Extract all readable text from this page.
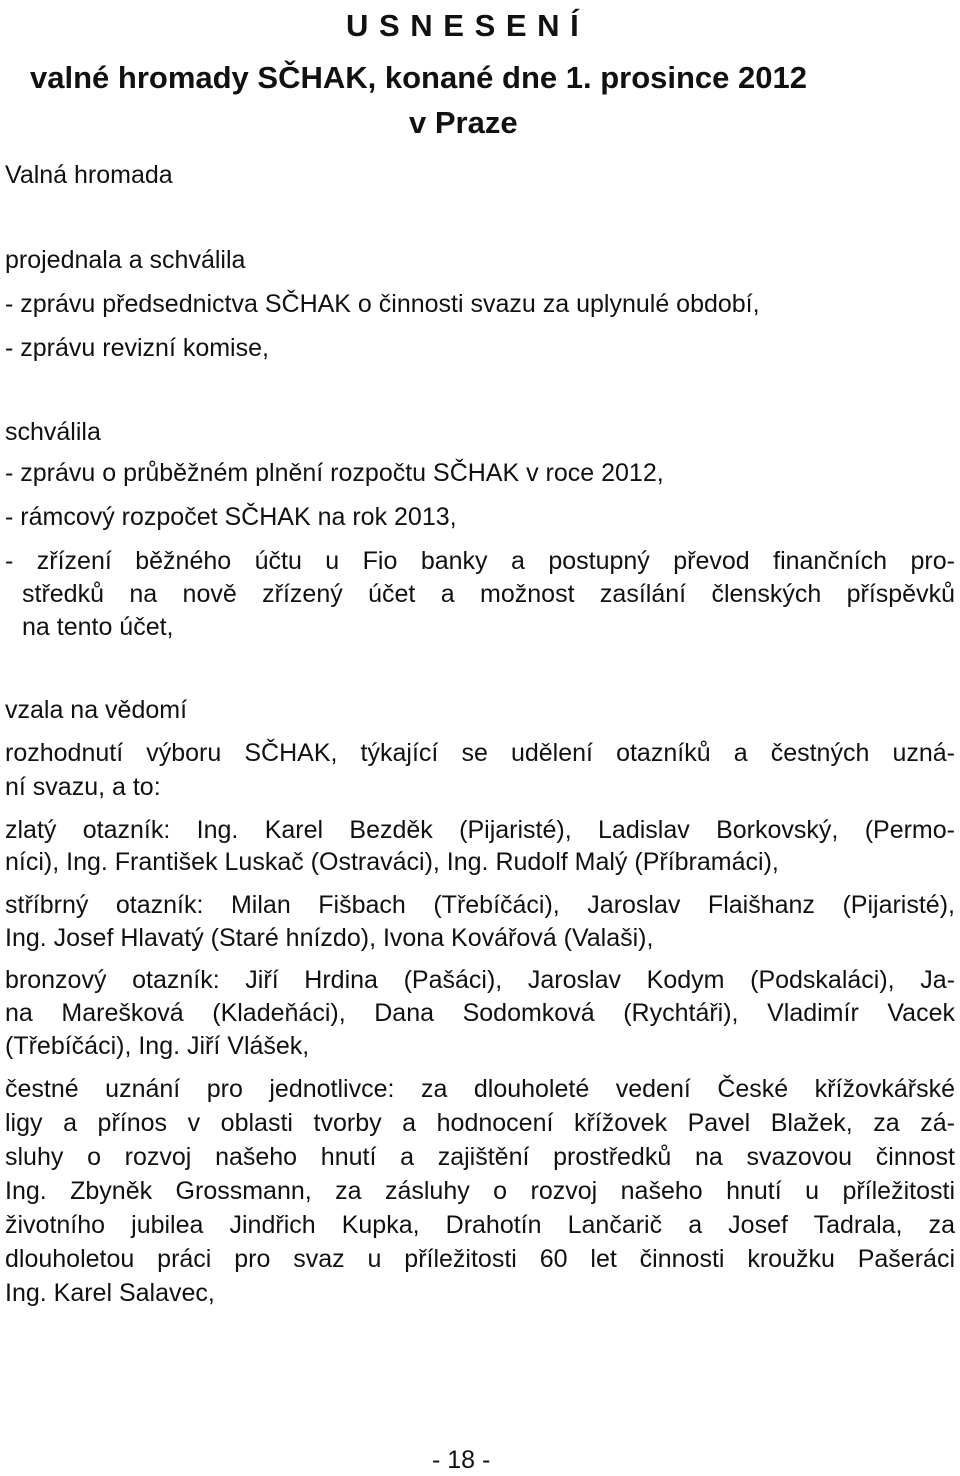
U S N E S E N Í
valné hromady SČHAK, konané dne 1. prosince 2012
v Praze
Valná hromada
projednala a schválila
- zprávu předsednictva SČHAK o činnosti svazu za uplynulé období,
- zprávu revizní komise,
schválila
- zprávu o průběžném plnění rozpočtu SČHAK v roce 2012,
- rámcový rozpočet SČHAK na rok 2013,
- zřízení běžného účtu u Fio banky a postupný převod finančních pro-
středků na nově zřízený účet a možnost zasílání členských příspěvků
na tento účet,
vzala na vědomí
rozhodnutí výboru SČHAK, týkající se udělení otazníků a čestných uzná-
ní svazu, a to:
zlatý otazník: Ing. Karel Bezděk (Pijaristé), Ladislav Borkovský, (Permo-
níci), Ing. František Luskač (Ostraváci), Ing. Rudolf Malý (Příbramáci),
stříbrný otazník: Milan Fišbach (Třebíčáci), Jaroslav Flaišhanz (Pijaristé),
Ing. Josef Hlavatý (Staré hnízdo), Ivona Kovářová (Valaši),
bronzový otazník: Jiří Hrdina (Pašáci), Jaroslav Kodym (Podskaláci), Ja-
na Marešková (Kladeňáci), Dana Sodomková (Rychtáři), Vladimír Vacek
(Třebíčáci), Ing. Jiří Vlášek,
čestné uznání pro jednotlivce: za dlouholeté vedení České křížovkářské
ligy a přínos v oblasti tvorby a hodnocení křížovek Pavel Blažek, za zá-
sluhy o rozvoj našeho hnutí a zajištění prostředků na svazovou činnost
Ing. Zbyněk Grossmann, za zásluhy o rozvoj našeho hnutí u příležitosti
životního jubilea Jindřich Kupka, Drahotín Lančarič a Josef Tadrala, za
dlouholetou práci pro svaz u příležitosti 60 let činnosti kroužku Pašeráci
Ing. Karel Salavec,
- 18 -
